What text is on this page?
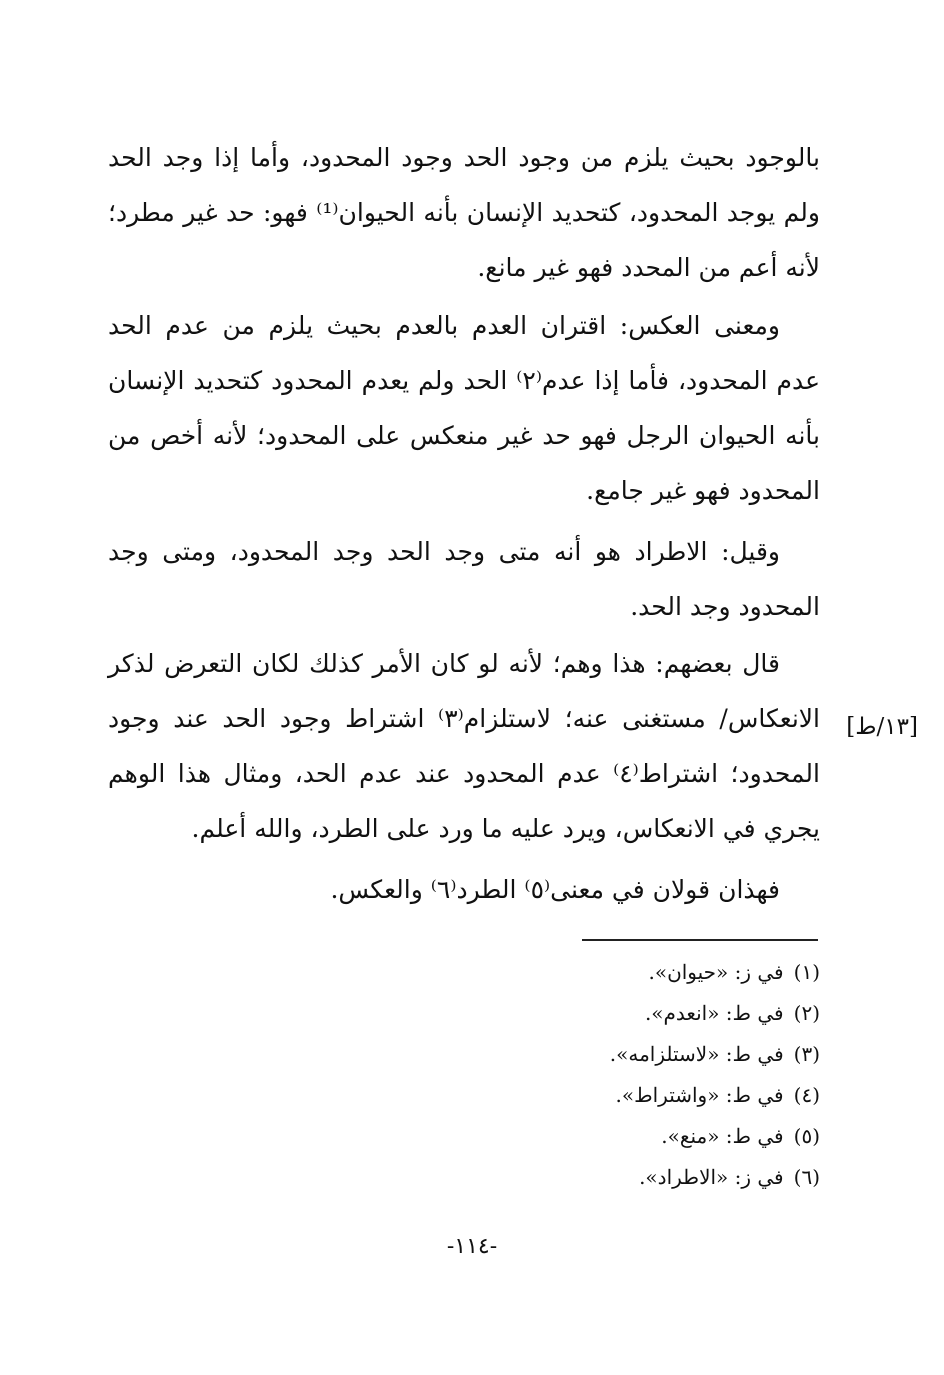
بالوجود بحيث يلزم من وجود الحد وجود المحدود، وأما إذا وجد الحد ولم يوجد المحدود، كتحديد الإنسان بأنه الحيوان⁽¹⁾ فهو: حد غير مطرد؛ لأنه أعم من المحدد فهو غير مانع.

ومعنى العكس: اقتران العدم بالعدم بحيث يلزم من عدم الحد عدم المحدود، فأما إذا عدم⁽٢⁾ الحد ولم يعدم المحدود كتحديد الإنسان بأنه الحيوان الرجل فهو حد غير منعكس على المحدود؛ لأنه أخص من المحدود فهو غير جامع.

وقيل: الاطراد هو أنه متى وجد الحد وجد المحدود، ومتى وجد المحدود وجد الحد.

قال بعضهم: هذا وهم؛ لأنه لو كان الأمر كذلك لكان التعرض لذكر الانعكاس/ مستغنى عنه؛ لاستلزام⁽٣⁾ اشتراط وجود الحد عند وجود المحدود؛ اشتراط⁽٤⁾ عدم المحدود عند عدم الحد، ومثال هذا الوهم يجري في الانعكاس، ويرد عليه ما ورد على الطرد، والله أعلم.

[١٣/ط]

فهذان قولان في معنى⁽٥⁾ الطرد⁽٦⁾ والعكس.

(١)في ز: «حيوان».
(٢)في ط: «انعدم».
(٣)في ط: «لاستلزامه».
(٤)في ط: «واشتراط».
(٥)في ط: «منع».
(٦)في ز: «الاطراد».
-١١٤-
